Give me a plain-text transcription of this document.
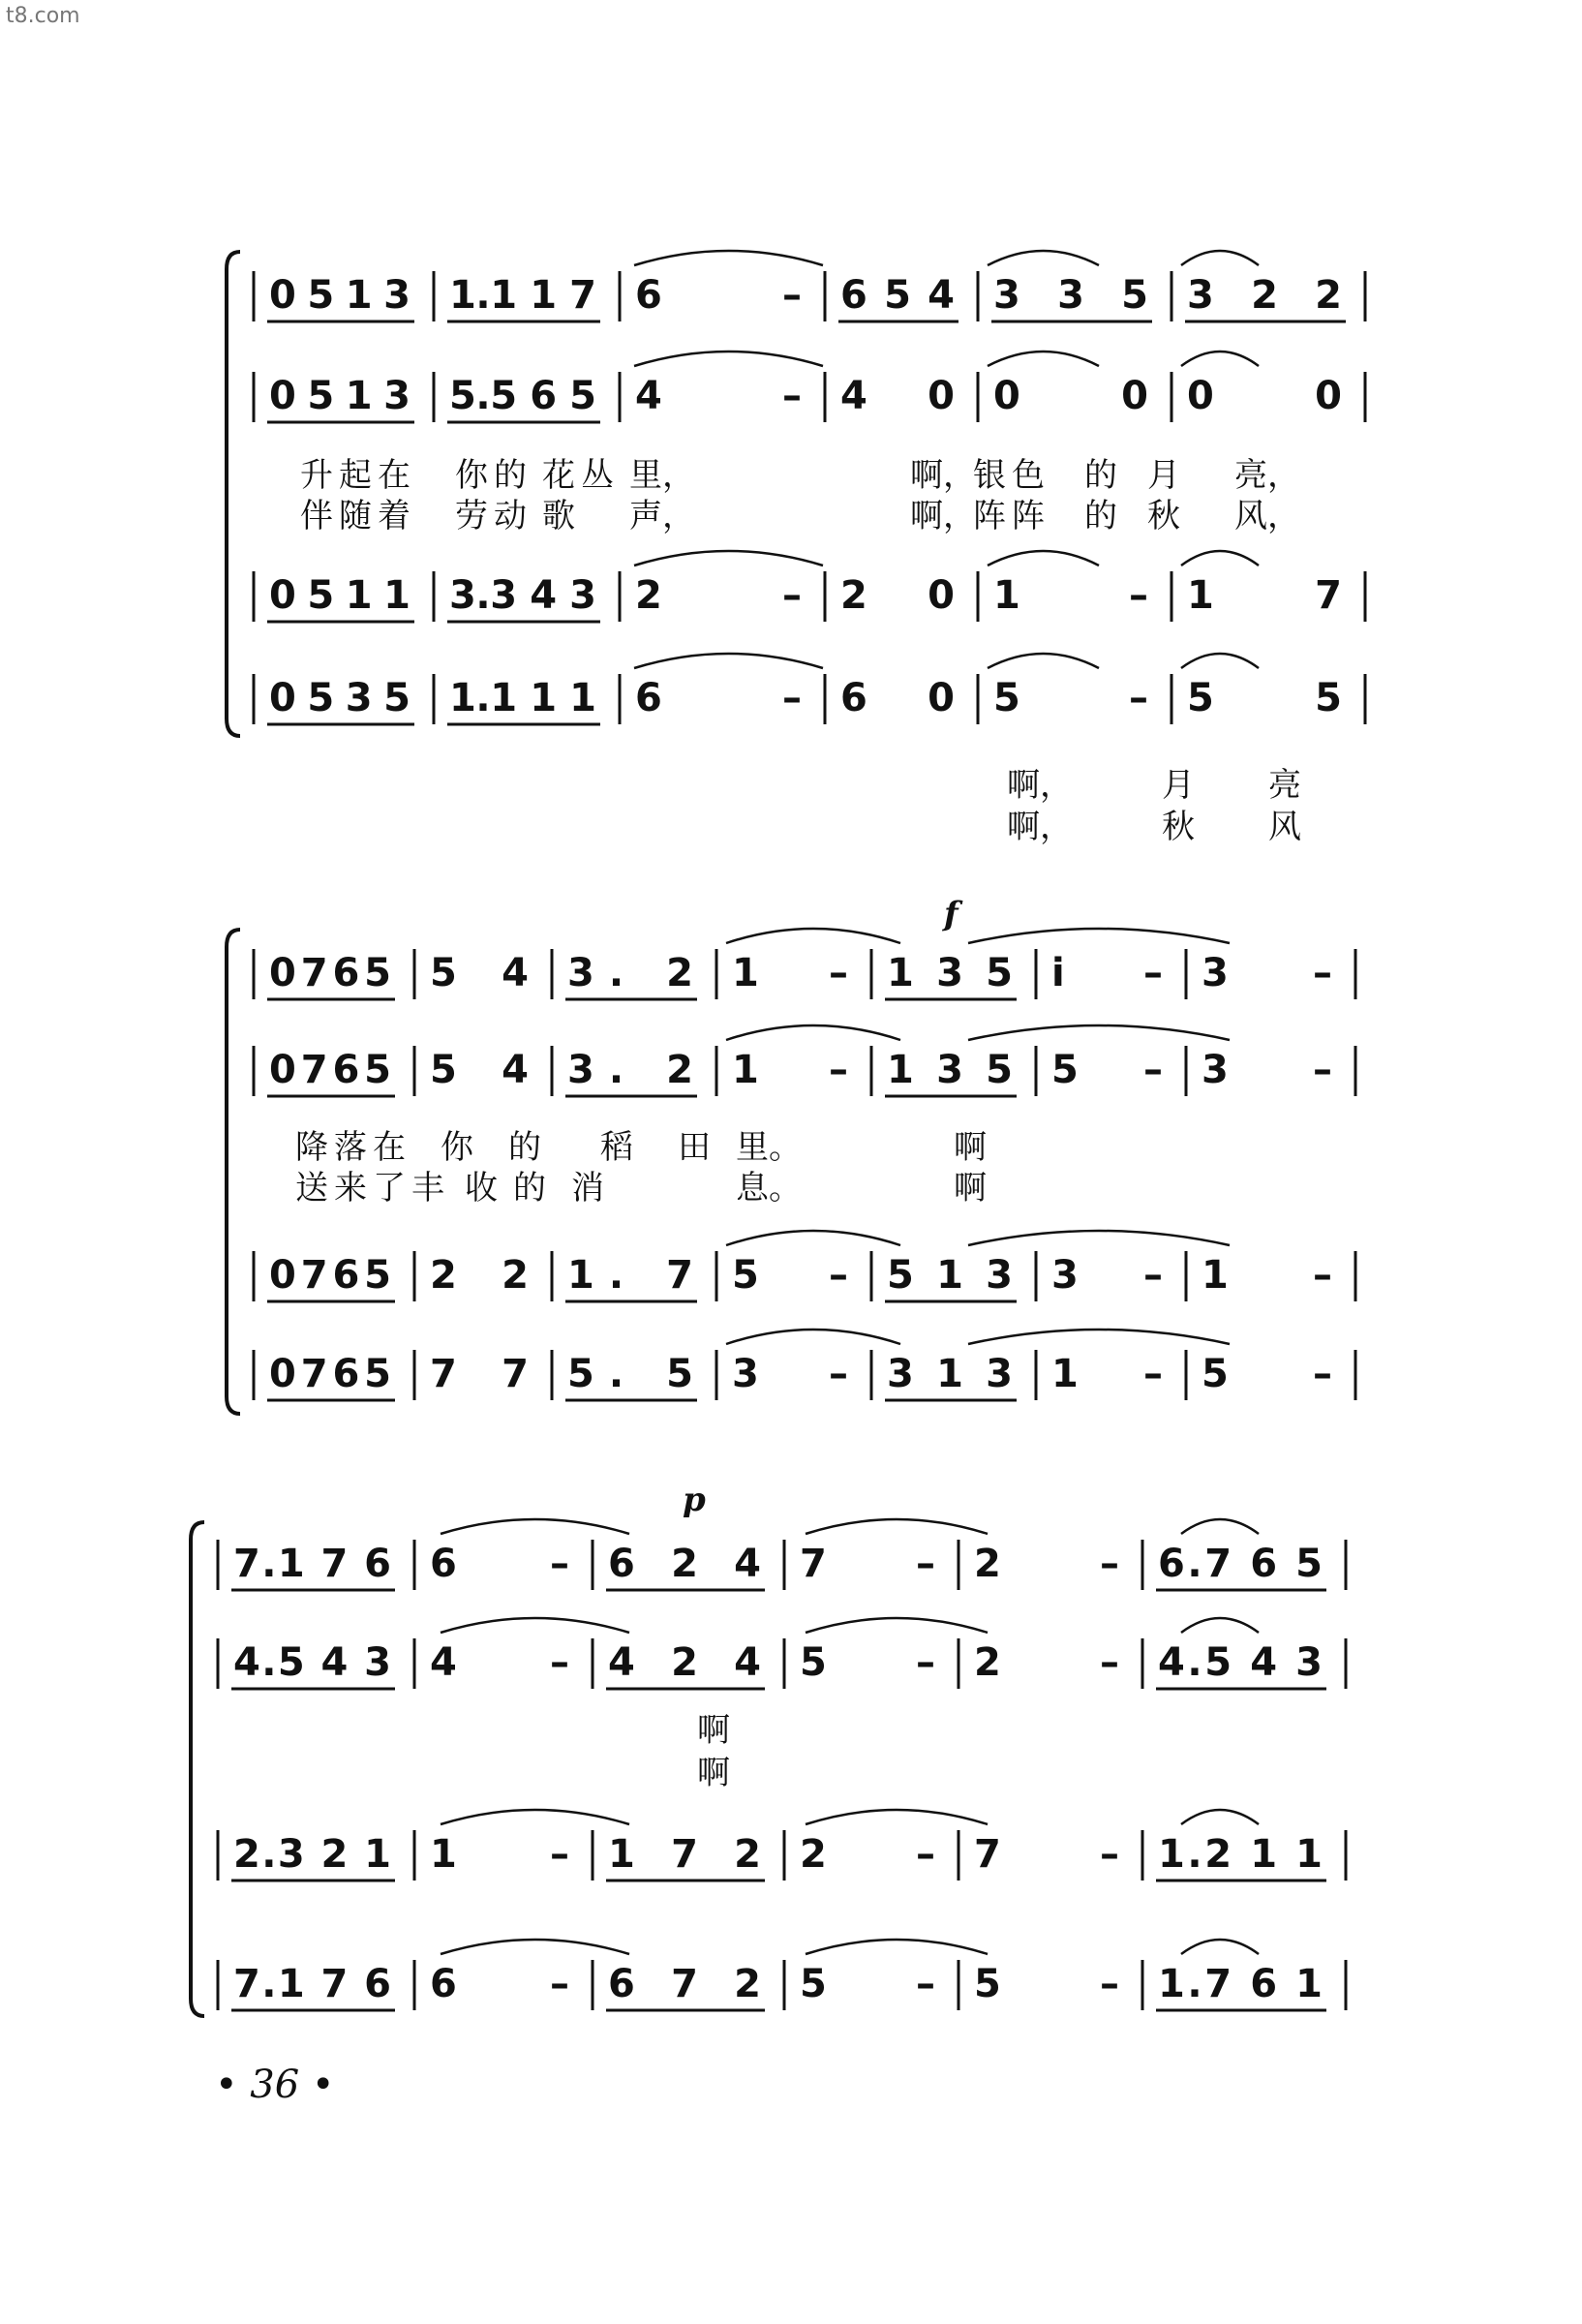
t8.com
0 5 1 3 1.1 1 7 6 – 6 5 4 3 3 5 3 2 2
0 5 1 3 5.5 6 5 4 – 4 0 0 0 0 0
0 5 1 1 3.3 4 3 2 – 2 0 1 – 1 7
0 5 3 5 1.1 1 1 6 – 6 0 5 – 5 5
升 起 在 你 的 花 丛 里，	啊，
银 色 的 月 亮，
伴 随 着 劳 动 歌 声，	啊，
阵 阵 的 秋 风，
啊，	月 亮
啊，	秋 风
0 7 6 5 5 4 3. 2 1 – 1 3 5 i – 3 –
0 7 6 5 5 4 3. 2 1 – 1 3 5 5 – 3 –
0 7 6 5 2 2 1. 7 5 – 5 1 3 3 – 1 –
0 7 6 5 7 7 5. 5 3 – 3 1 3 1 – 5 –
降 落 在 你 的 稻 田 里。	啊
送 来 了 丰 收 的 消	息。	啊
f
7.1 7 6 6 – 6 2 4 7 – 2 – 6.7 6 5
4.5 4 3 4 – 4 2 4 5 – 2 – 4.5 4 3
2.3 2 1 1 – 1 7 2 2 – 7 – 1.2 1 1
7.1 7 6 6 – 6 7 2 5 – 5 – 1.7 6 1
啊
啊
p
• 36 •
